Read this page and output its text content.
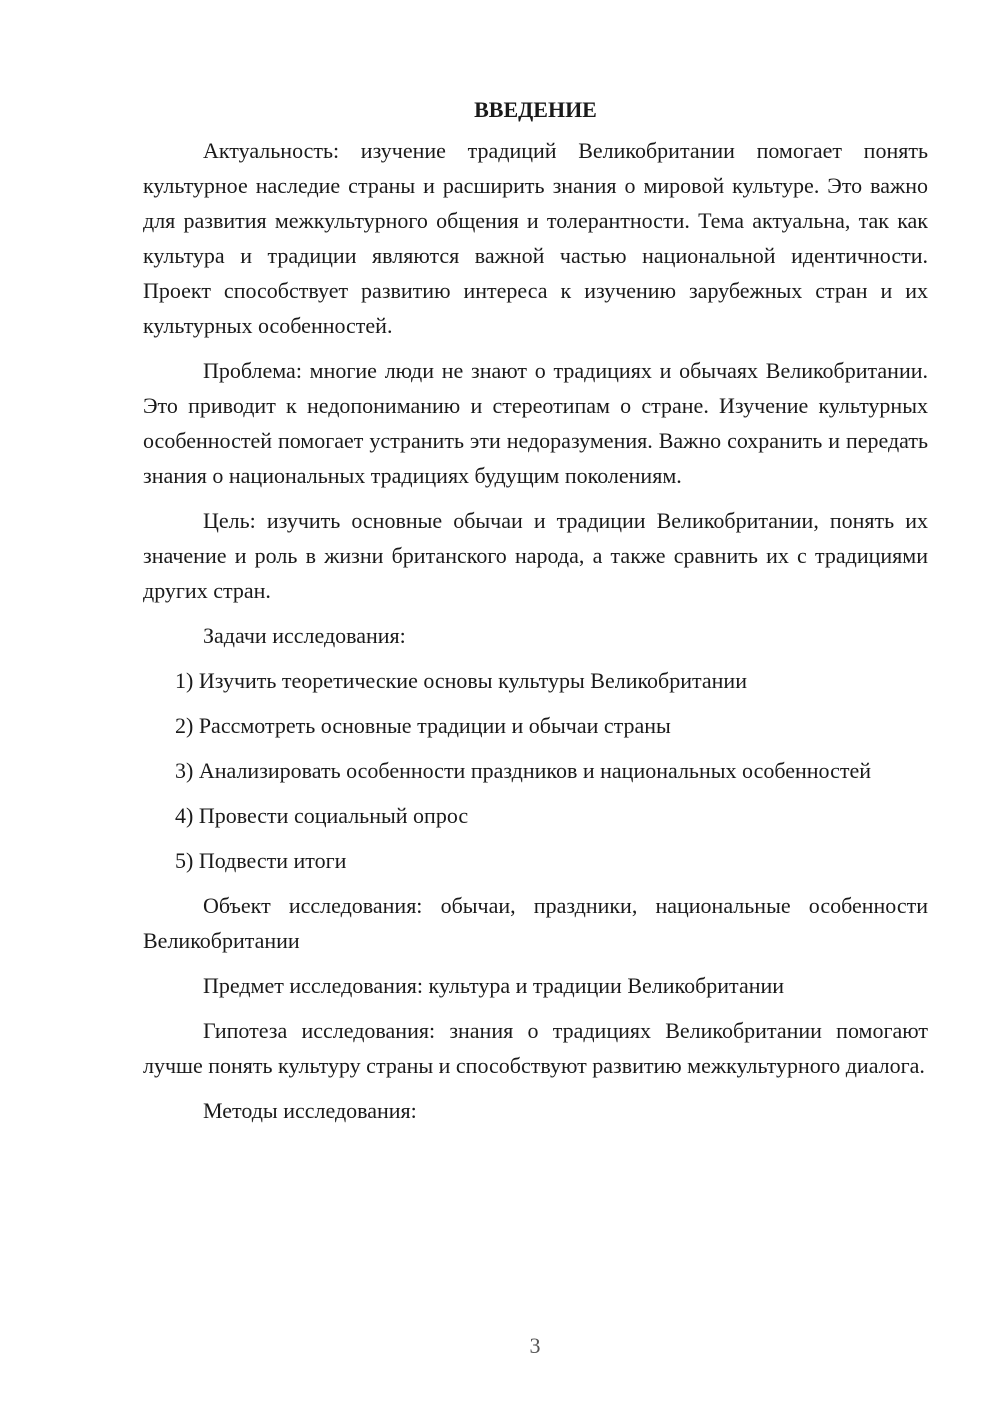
ВВЕДЕНИЕ

Актуальность: изучение традиций Великобритании помогает понять культурное наследие страны и расширить знания о мировой культуре. Это важно для развития межкультурного общения и толерантности. Тема актуальна, так как культура и традиции являются важной частью национальной идентичности. Проект способствует развитию интереса к изучению зарубежных стран и их культурных особенностей.

Проблема: многие люди не знают о традициях и обычаях Великобритании. Это приводит к недопониманию и стереотипам о стране. Изучение культурных особенностей помогает устранить эти недоразумения. Важно сохранить и передать знания о национальных традициях будущим поколениям.

Цель: изучить основные обычаи и традиции Великобритании, понять их значение и роль в жизни британского народа, а также сравнить их с традициями других стран.

Задачи исследования:

1) Изучить теоретические основы культуры Великобритании

2) Рассмотреть основные традиции и обычаи страны

3) Анализировать особенности праздников и национальных особенностей

4) Провести социальный опрос

5) Подвести итоги

Объект исследования: обычаи, праздники, национальные особенности Великобритании

Предмет исследования: культура и традиции Великобритании

Гипотеза исследования: знания о традициях Великобритании помогают лучше понять культуру страны и способствуют развитию межкультурного диалога.

Методы исследования:

3
